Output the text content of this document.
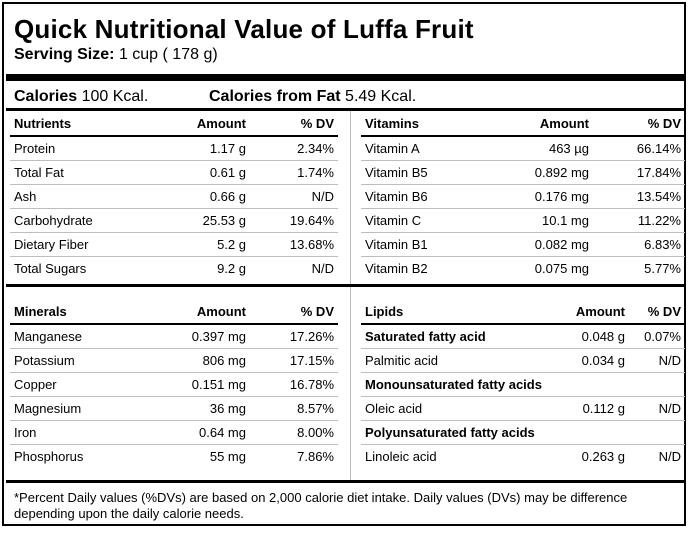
Quick Nutritional Value of Luffa Fruit
Serving Size: 1 cup ( 178 g)
Calories 100 Kcal.	Calories from Fat 5.49 Kcal.
Nutrients	Amount	% DV
Protein	1.17 g	2.34%
Total Fat	0.61 g	1.74%
Ash	0.66 g	N/D
Carbohydrate	25.53 g	19.64%
Dietary Fiber	5.2 g	13.68%
Total Sugars	9.2 g	N/D
Vitamins	Amount	% DV
Vitamin A	463 µg	66.14%
Vitamin B5	0.892 mg	17.84%
Vitamin B6	0.176 mg	13.54%
Vitamin C	10.1 mg	11.22%
Vitamin B1	0.082 mg	6.83%
Vitamin B2	0.075 mg	5.77%
Minerals	Amount	% DV
Manganese	0.397 mg	17.26%
Potassium	806 mg	17.15%
Copper	0.151 mg	16.78%
Magnesium	36 mg	8.57%
Iron	0.64 mg	8.00%
Phosphorus	55 mg	7.86%
Lipids	Amount	% DV
Saturated fatty acid	0.048 g	0.07%
Palmitic acid	0.034 g	N/D
Monounsaturated fatty acids		
Oleic acid	0.112 g	N/D
Polyunsaturated fatty acids		
Linoleic acid	0.263 g	N/D
*Percent Daily values (%DVs) are based on 2,000 calorie diet intake. Daily values (DVs) may be difference depending upon the daily calorie needs.
